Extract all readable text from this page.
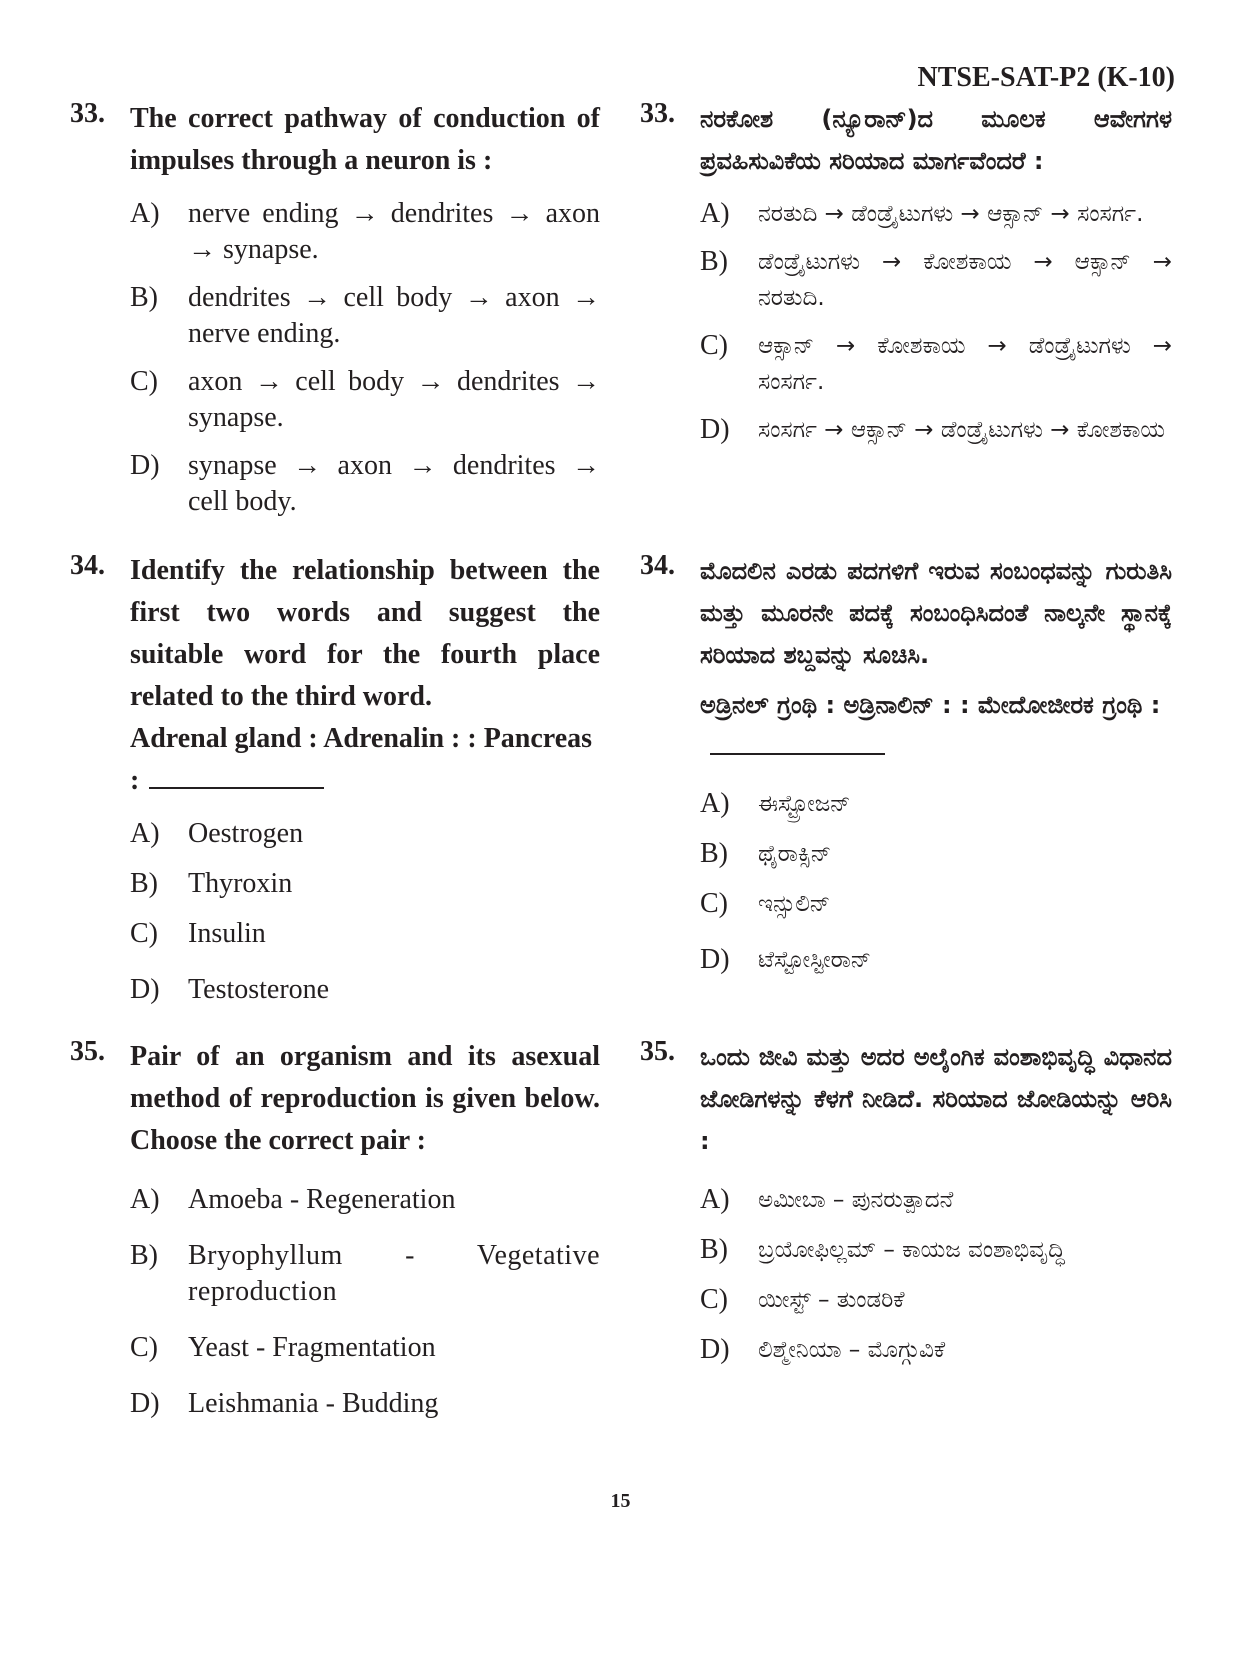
NTSE-SAT-P2 (K-10)
33. The correct pathway of conduction of impulses through a neuron is :
A)	nerve ending → dendrites → axon → synapse.
B)	dendrites → cell body → axon → nerve ending.
C)	axon → cell body → dendrites → synapse.
D)	synapse → axon → dendrites → cell body.
34. Identify the relationship between the first two words and suggest the suitable word for the fourth place related to the third word.
Adrenal gland : Adrenalin : : Pancreas :
A)	Oestrogen
B)	Thyroxin
C)	Insulin
D)	Testosterone
35. Pair of an organism and its asexual method of reproduction is given below. Choose the correct pair :
A)	Amoeba - Regeneration
B)	Bryophyllum - Vegetative reproduction
C)	Yeast - Fragmentation
D)	Leishmania - Budding
33. ನರಕೋಶ (ನ್ಯೂರಾನ್)ದ ಮೂಲಕ ಆವೇಗಗಳ ಪ್ರವಹಿಸುವಿಕೆಯ ಸರಿಯಾದ ಮಾರ್ಗವೆಂದರೆ :
A)	ನರತುದಿ → ಡೆಂಡ್ರೈಟುಗಳು → ಆಕ್ಸಾನ್ → ಸಂಸರ್ಗ.
B)	ಡೆಂಡ್ರೈಟುಗಳು → ಕೋಶಕಾಯ → ಆಕ್ಸಾನ್ → ನರತುದಿ.
C)	ಆಕ್ಸಾನ್ → ಕೋಶಕಾಯ → ಡೆಂಡ್ರೈಟುಗಳು → ಸಂಸರ್ಗ.
D)	ಸಂಸರ್ಗ → ಆಕ್ಸಾನ್ → ಡೆಂಡ್ರೈಟುಗಳು → ಕೋಶಕಾಯ
34. ಮೊದಲಿನ ಎರಡು ಪದಗಳಿಗೆ ಇರುವ ಸಂಬಂಧವನ್ನು ಗುರುತಿಸಿ ಮತ್ತು ಮೂರನೇ ಪದಕ್ಕೆ ಸಂಬಂಧಿಸಿದಂತೆ ನಾಲ್ಕನೇ ಸ್ಥಾನಕ್ಕೆ ಸರಿಯಾದ ಶಬ್ದವನ್ನು ಸೂಚಿಸಿ.
ಅಡ್ರಿನಲ್ ಗ್ರಂಥಿ : ಅಡ್ರಿನಾಲಿನ್ : : ಮೇದೋಜೀರಕ ಗ್ರಂಥಿ :
A)	ಈಸ್ಟ್ರೋಜನ್
B)	ಥೈರಾಕ್ಸಿನ್
C)	ಇನ್ಸುಲಿನ್
D)	ಟೆಸ್ಟೋಸ್ಟೀರಾನ್
35. ಒಂದು ಜೀವಿ ಮತ್ತು ಅದರ ಅಲೈಂಗಿಕ ವಂಶಾಭಿವೃದ್ಧಿ ವಿಧಾನದ ಜೋಡಿಗಳನ್ನು ಕೆಳಗೆ ನೀಡಿದೆ. ಸರಿಯಾದ ಜೋಡಿಯನ್ನು ಆರಿಸಿ :
A)	ಅಮೀಬಾ – ಪುನರುತ್ಪಾದನೆ
B)	ಬ್ರಯೋಫಿಲ್ಲಮ್ – ಕಾಯಜ ವಂಶಾಭಿವೃದ್ಧಿ
C)	ಯೀಸ್ಟ್ – ತುಂಡರಿಕೆ
D)	ಲಿಶ್ಮೇನಿಯಾ – ಮೊಗ್ಗುವಿಕೆ
15
